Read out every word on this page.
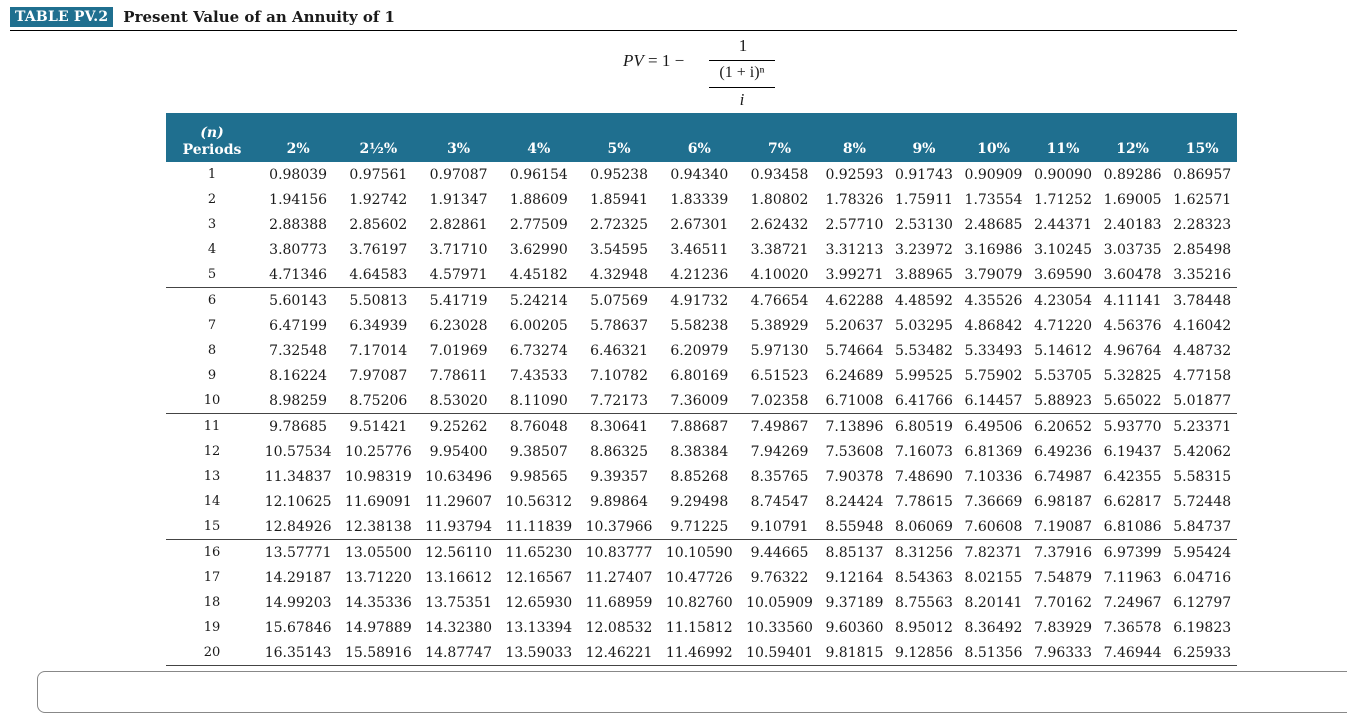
TABLE PV.2	Present Value of an Annuity of 1
PV = 1 −
1
(1 + i)ⁿ
i
(n)
Periods	2%	2½%	3%	4%	5%	6%	7%	8%	9%	10%	11%	12%	15%
1	0.98039	0.97561	0.97087	0.96154	0.95238	0.94340	0.93458	0.92593	0.91743	0.90909	0.90090	0.89286	0.86957
2	1.94156	1.92742	1.91347	1.88609	1.85941	1.83339	1.80802	1.78326	1.75911	1.73554	1.71252	1.69005	1.62571
3	2.88388	2.85602	2.82861	2.77509	2.72325	2.67301	2.62432	2.57710	2.53130	2.48685	2.44371	2.40183	2.28323
4	3.80773	3.76197	3.71710	3.62990	3.54595	3.46511	3.38721	3.31213	3.23972	3.16986	3.10245	3.03735	2.85498
5	4.71346	4.64583	4.57971	4.45182	4.32948	4.21236	4.10020	3.99271	3.88965	3.79079	3.69590	3.60478	3.35216
6	5.60143	5.50813	5.41719	5.24214	5.07569	4.91732	4.76654	4.62288	4.48592	4.35526	4.23054	4.11141	3.78448
7	6.47199	6.34939	6.23028	6.00205	5.78637	5.58238	5.38929	5.20637	5.03295	4.86842	4.71220	4.56376	4.16042
8	7.32548	7.17014	7.01969	6.73274	6.46321	6.20979	5.97130	5.74664	5.53482	5.33493	5.14612	4.96764	4.48732
9	8.16224	7.97087	7.78611	7.43533	7.10782	6.80169	6.51523	6.24689	5.99525	5.75902	5.53705	5.32825	4.77158
10	8.98259	8.75206	8.53020	8.11090	7.72173	7.36009	7.02358	6.71008	6.41766	6.14457	5.88923	5.65022	5.01877
11	9.78685	9.51421	9.25262	8.76048	8.30641	7.88687	7.49867	7.13896	6.80519	6.49506	6.20652	5.93770	5.23371
12	10.57534	10.25776	9.95400	9.38507	8.86325	8.38384	7.94269	7.53608	7.16073	6.81369	6.49236	6.19437	5.42062
13	11.34837	10.98319	10.63496	9.98565	9.39357	8.85268	8.35765	7.90378	7.48690	7.10336	6.74987	6.42355	5.58315
14	12.10625	11.69091	11.29607	10.56312	9.89864	9.29498	8.74547	8.24424	7.78615	7.36669	6.98187	6.62817	5.72448
15	12.84926	12.38138	11.93794	11.11839	10.37966	9.71225	9.10791	8.55948	8.06069	7.60608	7.19087	6.81086	5.84737
16	13.57771	13.05500	12.56110	11.65230	10.83777	10.10590	9.44665	8.85137	8.31256	7.82371	7.37916	6.97399	5.95424
17	14.29187	13.71220	13.16612	12.16567	11.27407	10.47726	9.76322	9.12164	8.54363	8.02155	7.54879	7.11963	6.04716
18	14.99203	14.35336	13.75351	12.65930	11.68959	10.82760	10.05909	9.37189	8.75563	8.20141	7.70162	7.24967	6.12797
19	15.67846	14.97889	14.32380	13.13394	12.08532	11.15812	10.33560	9.60360	8.95012	8.36492	7.83929	7.36578	6.19823
20	16.35143	15.58916	14.87747	13.59033	12.46221	11.46992	10.59401	9.81815	9.12856	8.51356	7.96333	7.46944	6.25933
